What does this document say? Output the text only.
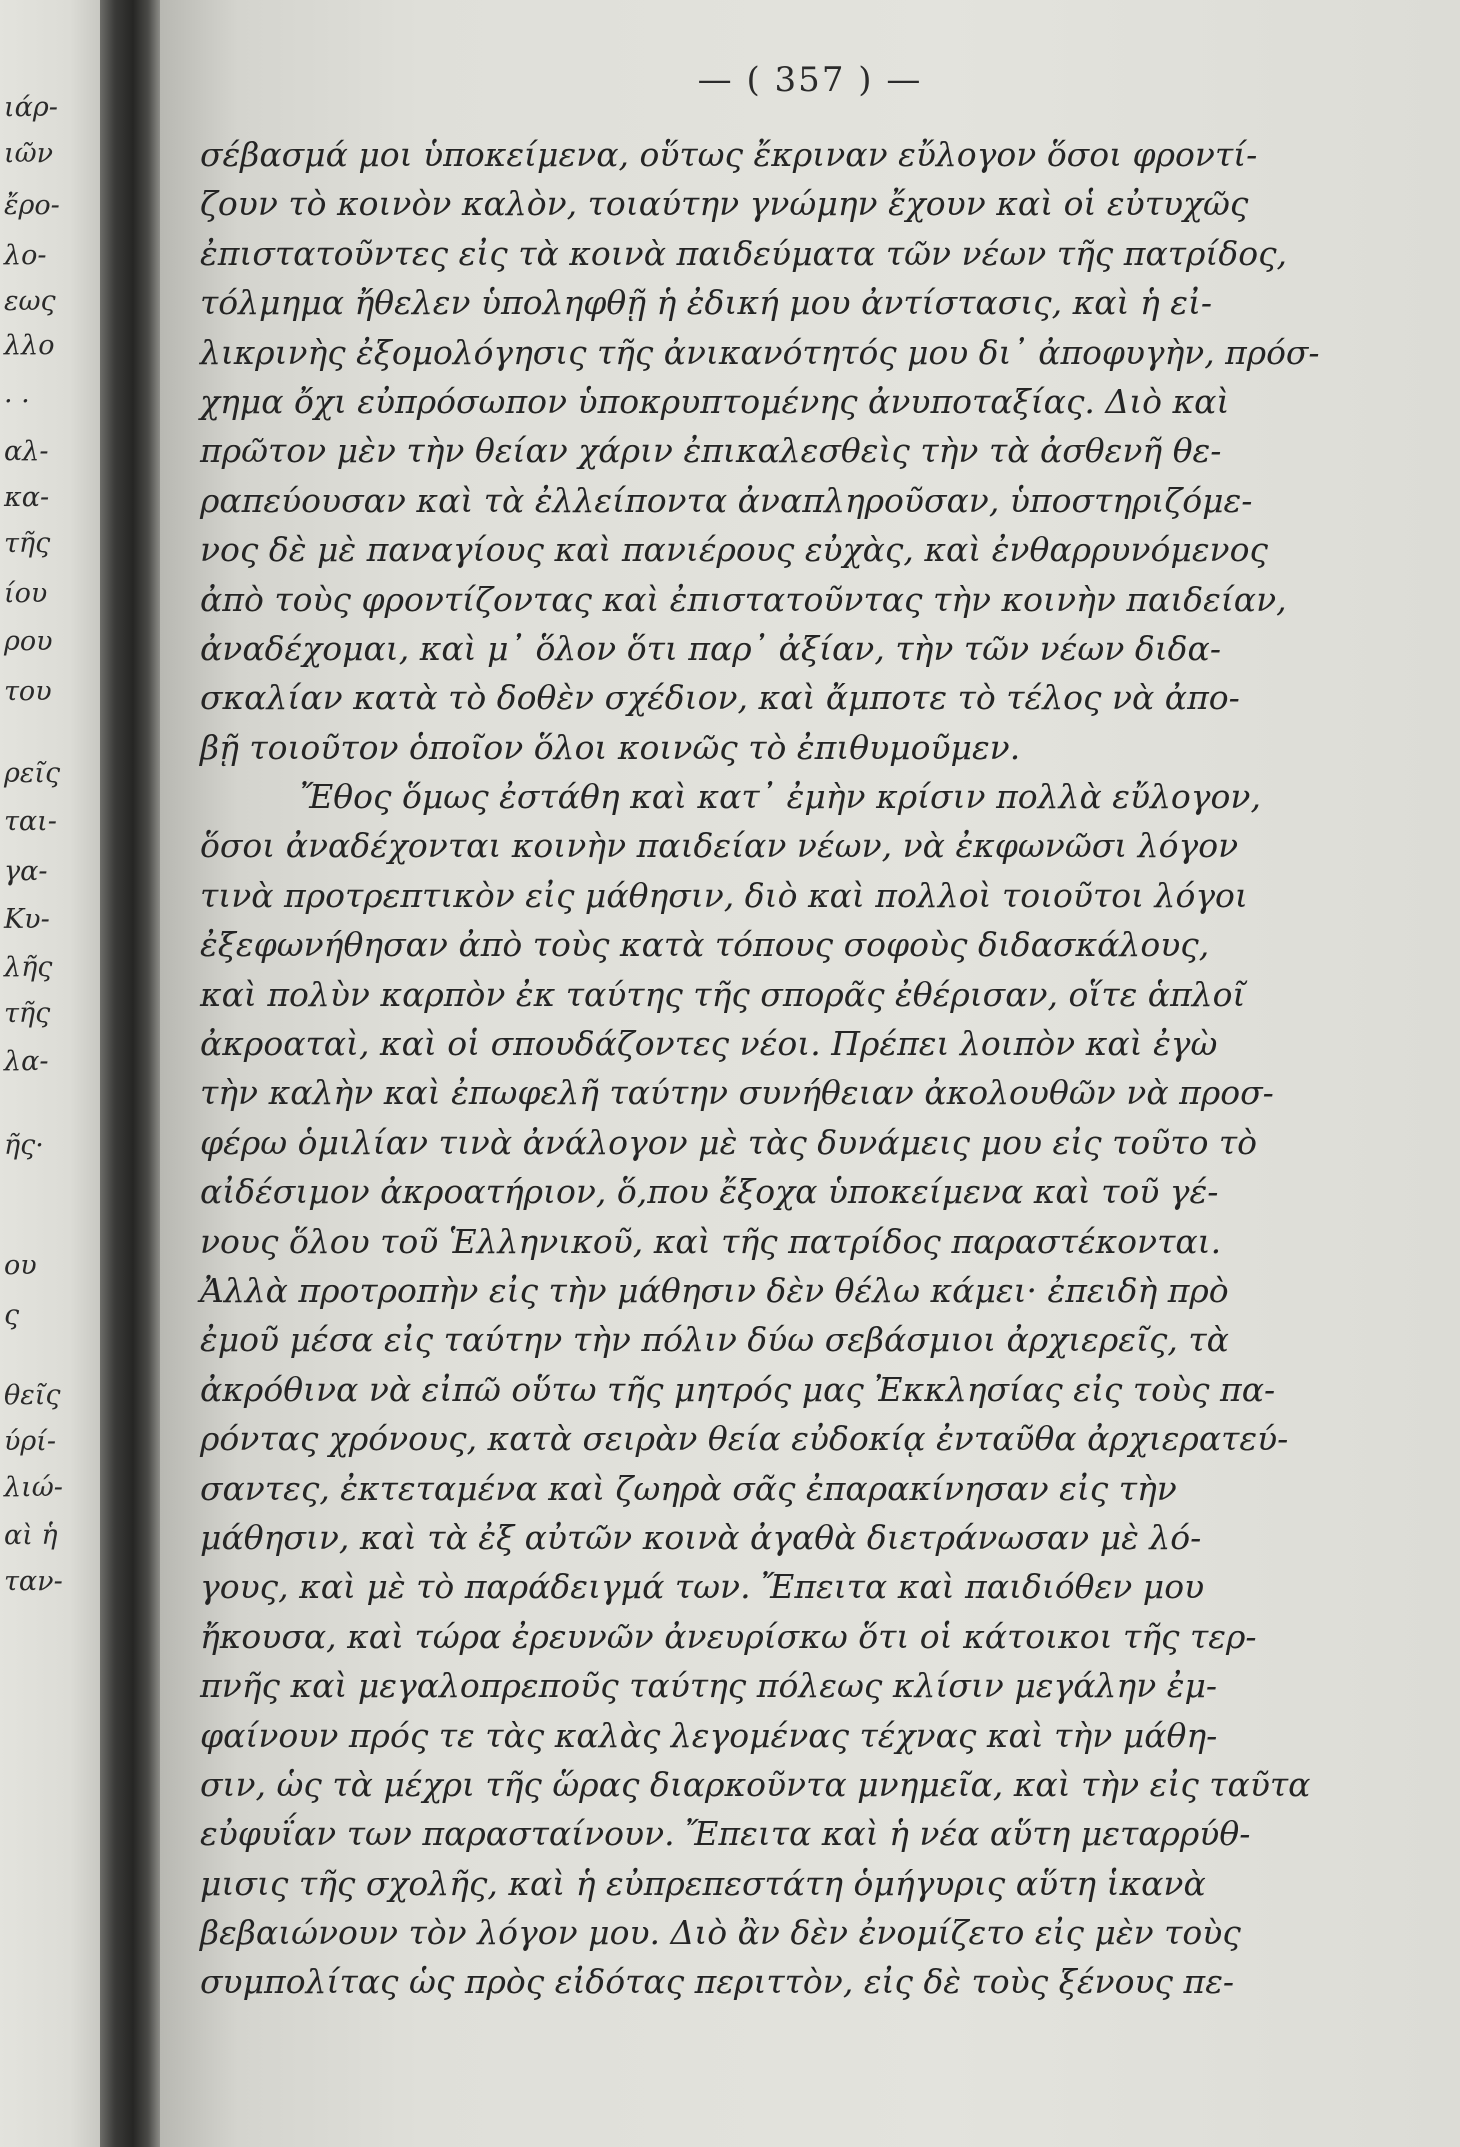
ιάρ-
ιῶν
ἔρο-
λο-
εως
λλο
. .
αλ-
κα-
τῆς
ίου
ρου
του
ρεῖς
ται-
γα-
Κυ-
λῆς
τῆς
λα-
ῆς·
ου
ς
θεῖς
ύρί-
λιώ-
αὶ ἡ
ταν-
— ( 357 ) —
σέβασμά μοι ὑποκείμενα, οὕτως ἔκριναν εὔλογον ὅσοι φροντί-
ζουν τὸ κοινὸν καλὸν, τοιαύτην γνώμην ἔχουν καὶ οἱ εὐτυχῶς
ἐπιστατοῦντες εἰς τὰ κοινὰ παιδεύματα τῶν νέων τῆς πατρίδος,
τόλμημα ἤθελεν ὑποληφθῇ ἡ ἐδική μου ἀντίστασις, καὶ ἡ εἰ-
λικρινὴς ἐξομολόγησις τῆς ἀνικανότητός μου δι᾽ ἀποφυγὴν, πρόσ-
χημα ὄχι εὐπρόσωπον ὑποκρυπτομένης ἀνυποταξίας. Διὸ καὶ
πρῶτον μὲν τὴν θείαν χάριν ἐπικαλεσθεὶς τὴν τὰ ἀσθενῆ θε-
ραπεύουσαν καὶ τὰ ἐλλείποντα ἀναπληροῦσαν, ὑποστηριζόμε-
νος δὲ μὲ παναγίους καὶ πανιέρους εὐχὰς, καὶ ἐνθαρρυνόμενος
ἀπὸ τοὺς φροντίζοντας καὶ ἐπιστατοῦντας τὴν κοινὴν παιδείαν,
ἀναδέχομαι, καὶ μ᾽ ὅλον ὅτι παρ᾽ ἀξίαν, τὴν τῶν νέων διδα-
σκαλίαν κατὰ τὸ δοθὲν σχέδιον, καὶ ἄμποτε τὸ τέλος νὰ ἀπο-
βῇ τοιοῦτον ὁποῖον ὅλοι κοινῶς τὸ ἐπιθυμοῦμεν.
Ἔθος ὅμως ἐστάθη καὶ κατ᾽ ἐμὴν κρίσιν πολλὰ εὔλογον,
ὅσοι ἀναδέχονται κοινὴν παιδείαν νέων, νὰ ἐκφωνῶσι λόγον
τινὰ προτρεπτικὸν εἰς μάθησιν, διὸ καὶ πολλοὶ τοιοῦτοι λόγοι
ἐξεφωνήθησαν ἀπὸ τοὺς κατὰ τόπους σοφοὺς διδασκάλους,
καὶ πολὺν καρπὸν ἐκ ταύτης τῆς σπορᾶς ἐθέρισαν, οἵτε ἁπλοῖ
ἀκροαταὶ, καὶ οἱ σπουδάζοντες νέοι. Πρέπει λοιπὸν καὶ ἐγὼ
τὴν καλὴν καὶ ἐπωφελῆ ταύτην συνήθειαν ἀκολουθῶν νὰ προσ-
φέρω ὁμιλίαν τινὰ ἀνάλογον μὲ τὰς δυνάμεις μου εἰς τοῦτο τὸ
αἰδέσιμον ἀκροατήριον, ὅ,που ἔξοχα ὑποκείμενα καὶ τοῦ γέ-
νους ὅλου τοῦ Ἑλληνικοῦ, καὶ τῆς πατρίδος παραστέκονται.
Ἀλλὰ προτροπὴν εἰς τὴν μάθησιν δὲν θέλω κάμει· ἐπειδὴ πρὸ
ἐμοῦ μέσα εἰς ταύτην τὴν πόλιν δύω σεβάσμιοι ἀρχιερεῖς, τὰ
ἀκρόθινα νὰ εἰπῶ οὕτω τῆς μητρός μας Ἐκκλησίας εἰς τοὺς πα-
ρόντας χρόνους, κατὰ σειρὰν θεία εὐδοκίᾳ ἐνταῦθα ἀρχιερατεύ-
σαντες, ἐκτεταμένα καὶ ζωηρὰ σᾶς ἐπαρακίνησαν εἰς τὴν
μάθησιν, καὶ τὰ ἐξ αὐτῶν κοινὰ ἀγαθὰ διετράνωσαν μὲ λό-
γους, καὶ μὲ τὸ παράδειγμά των. Ἔπειτα καὶ παιδιόθεν μου
ἤκουσα, καὶ τώρα ἐρευνῶν ἀνευρίσκω ὅτι οἱ κάτοικοι τῆς τερ-
πνῆς καὶ μεγαλοπρεποῦς ταύτης πόλεως κλίσιν μεγάλην ἐμ-
φαίνουν πρός τε τὰς καλὰς λεγομένας τέχνας καὶ τὴν μάθη-
σιν, ὡς τὰ μέχρι τῆς ὥρας διαρκοῦντα μνημεῖα, καὶ τὴν εἰς ταῦτα
εὐφυΐαν των παρασταίνουν. Ἔπειτα καὶ ἡ νέα αὕτη μεταρρύθ-
μισις τῆς σχολῆς, καὶ ἡ εὐπρεπεστάτη ὁμήγυρις αὕτη ἱκανὰ
βεβαιώνουν τὸν λόγον μου. Διὸ ἂν δὲν ἐνομίζετο εἰς μὲν τοὺς
συμπολίτας ὡς πρὸς εἰδότας περιττὸν, εἰς δὲ τοὺς ξένους πε-
